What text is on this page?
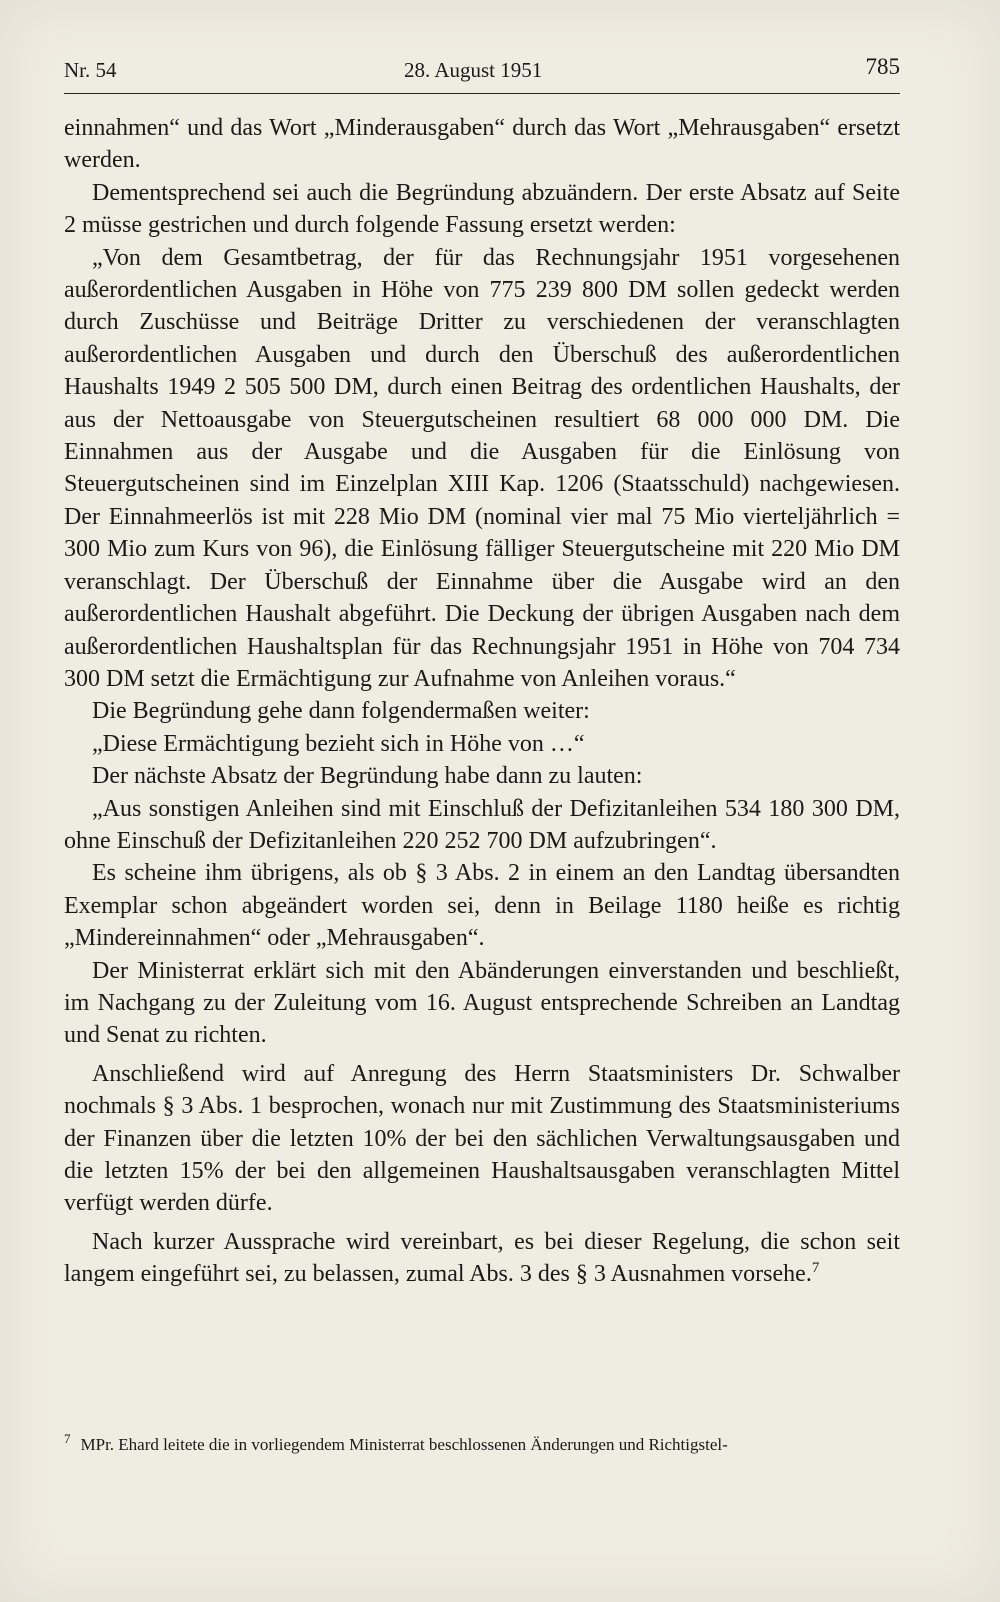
Nr. 54	28. August 1951	785

einnahmen“ und das Wort „Minderausgaben“ durch das Wort „Mehrausgaben“ ersetzt werden.

Dementsprechend sei auch die Begründung abzuändern. Der erste Absatz auf Seite 2 müsse gestrichen und durch folgende Fassung ersetzt werden:

„Von dem Gesamtbetrag, der für das Rechnungsjahr 1951 vorgesehenen außerordentlichen Ausgaben in Höhe von 775 239 800 DM sollen gedeckt werden durch Zuschüsse und Beiträge Dritter zu verschiedenen der veranschlagten außerordentlichen Ausgaben und durch den Überschuß des außerordentlichen Haushalts 1949 2 505 500 DM, durch einen Beitrag des ordentlichen Haushalts, der aus der Nettoausgabe von Steuergutscheinen resultiert 68 000 000 DM. Die Einnahmen aus der Ausgabe und die Ausgaben für die Einlösung von Steuergutscheinen sind im Einzelplan XIII Kap. 1206 (Staatsschuld) nachgewiesen. Der Einnahmeerlös ist mit 228 Mio DM (nominal vier mal 75 Mio vierteljährlich = 300 Mio zum Kurs von 96), die Einlösung fälliger Steuergutscheine mit 220 Mio DM veranschlagt. Der Überschuß der Einnahme über die Ausgabe wird an den außerordentlichen Haushalt abgeführt. Die Deckung der übrigen Ausgaben nach dem außerordentlichen Haushaltsplan für das Rechnungsjahr 1951 in Höhe von 704 734 300 DM setzt die Ermächtigung zur Aufnahme von Anleihen voraus.“

Die Begründung gehe dann folgendermaßen weiter:

„Diese Ermächtigung bezieht sich in Höhe von …“

Der nächste Absatz der Begründung habe dann zu lauten:

„Aus sonstigen Anleihen sind mit Einschluß der Defizitanleihen 534 180 300 DM, ohne Einschuß der Defizitanleihen 220 252 700 DM aufzubringen“.

Es scheine ihm übrigens, als ob § 3 Abs. 2 in einem an den Landtag übersandten Exemplar schon abgeändert worden sei, denn in Beilage 1180 heiße es richtig „Mindereinnahmen“ oder „Mehrausgaben“.

Der Ministerrat erklärt sich mit den Abänderungen einverstanden und beschließt, im Nachgang zu der Zuleitung vom 16. August entsprechende Schreiben an Landtag und Senat zu richten.

Anschließend wird auf Anregung des Herrn Staatsministers Dr. Schwalber nochmals § 3 Abs. 1 besprochen, wonach nur mit Zustimmung des Staatsministeriums der Finanzen über die letzten 10% der bei den sächlichen Verwaltungsausgaben und die letzten 15% der bei den allgemeinen Haushaltsausgaben veranschlagten Mittel verfügt werden dürfe.

Nach kurzer Aussprache wird vereinbart, es bei dieser Regelung, die schon seit langem eingeführt sei, zu belassen, zumal Abs. 3 des § 3 Ausnahmen vorsehe.$^7$

$^7$ MPr. Ehard leitete die in vorliegendem Ministerrat beschlossenen Änderungen und Richtigstel-
